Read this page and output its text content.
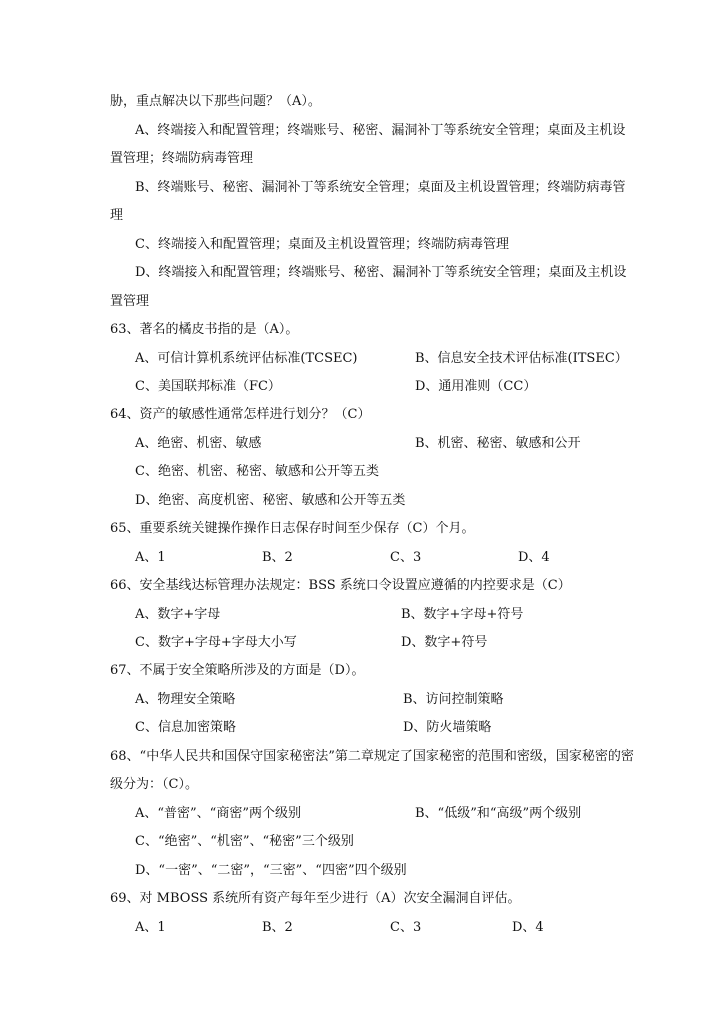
胁，重点解决以下那些问题？（A）。
A、终端接入和配置管理；终端账号、秘密、漏洞补丁等系统安全管理；桌面及主机设
置管理；终端防病毒管理
B、终端账号、秘密、漏洞补丁等系统安全管理；桌面及主机设置管理；终端防病毒管
理
C、终端接入和配置管理；桌面及主机设置管理；终端防病毒管理
D、终端接入和配置管理；终端账号、秘密、漏洞补丁等系统安全管理；桌面及主机设
置管理
63、著名的橘皮书指的是（A）。
A、可信计算机系统评估标准(TCSEC)	B、信息安全技术评估标准(ITSEC）
C、美国联邦标准（FC）	D、通用准则（CC）
64、资产的敏感性通常怎样进行划分？（C）
A、绝密、机密、敏感	B、机密、秘密、敏感和公开
C、绝密、机密、秘密、敏感和公开等五类
D、绝密、高度机密、秘密、敏感和公开等五类
65、重要系统关键操作操作日志保存时间至少保存（C）个月。
A、1	B、2	C、3	D、4
66、安全基线达标管理办法规定：BSS 系统口令设置应遵循的内控要求是（C）
A、数字+字母	B、数字+字母+符号
C、数字+字母+字母大小写	D、数字+符号
67、不属于安全策略所涉及的方面是（D）。
A、物理安全策略	B、访问控制策略
C、信息加密策略	D、防火墙策略
68、“中华人民共和国保守国家秘密法”第二章规定了国家秘密的范围和密级，国家秘密的密
级分为：（C）。
A、“普密”、“商密”两个级别	B、“低级”和“高级”两个级别
C、“绝密”、“机密”、“秘密”三个级别
D、“一密”、“二密”，“三密”、“四密”四个级别
69、对 MBOSS 系统所有资产每年至少进行（A）次安全漏洞自评估。
A、1	B、2	C、3	D、4
